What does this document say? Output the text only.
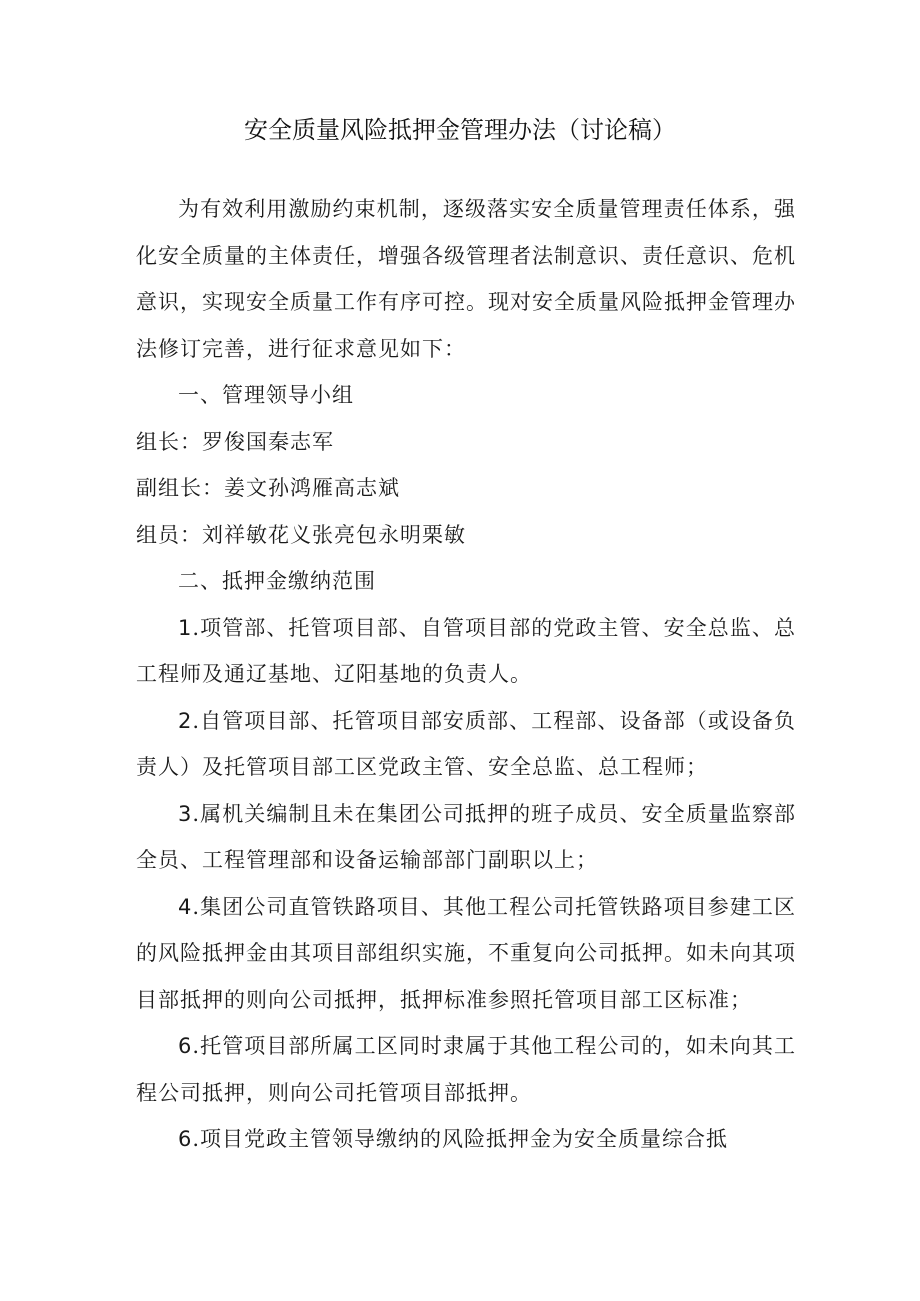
安全质量风险抵押金管理办法（讨论稿）

为有效利用激励约束机制，逐级落实安全质量管理责任体系，强化安全质量的主体责任，增强各级管理者法制意识、责任意识、危机意识，实现安全质量工作有序可控。现对安全质量风险抵押金管理办法修订完善，进行征求意见如下：

一、管理领导小组

组长：罗俊国秦志军

副组长：姜文孙鸿雁高志斌

组员：刘祥敏花义张亮包永明栗敏

二、抵押金缴纳范围

1.项管部、托管项目部、自管项目部的党政主管、安全总监、总工程师及通辽基地、辽阳基地的负责人。

2.自管项目部、托管项目部安质部、工程部、设备部（或设备负责人）及托管项目部工区党政主管、安全总监、总工程师；

3.属机关编制且未在集团公司抵押的班子成员、安全质量监察部全员、工程管理部和设备运输部部门副职以上；

4.集团公司直管铁路项目、其他工程公司托管铁路项目参建工区的风险抵押金由其项目部组织实施，不重复向公司抵押。如未向其项目部抵押的则向公司抵押，抵押标准参照托管项目部工区标准；

6.托管项目部所属工区同时隶属于其他工程公司的，如未向其工程公司抵押，则向公司托管项目部抵押。

6.项目党政主管领导缴纳的风险抵押金为安全质量综合抵
